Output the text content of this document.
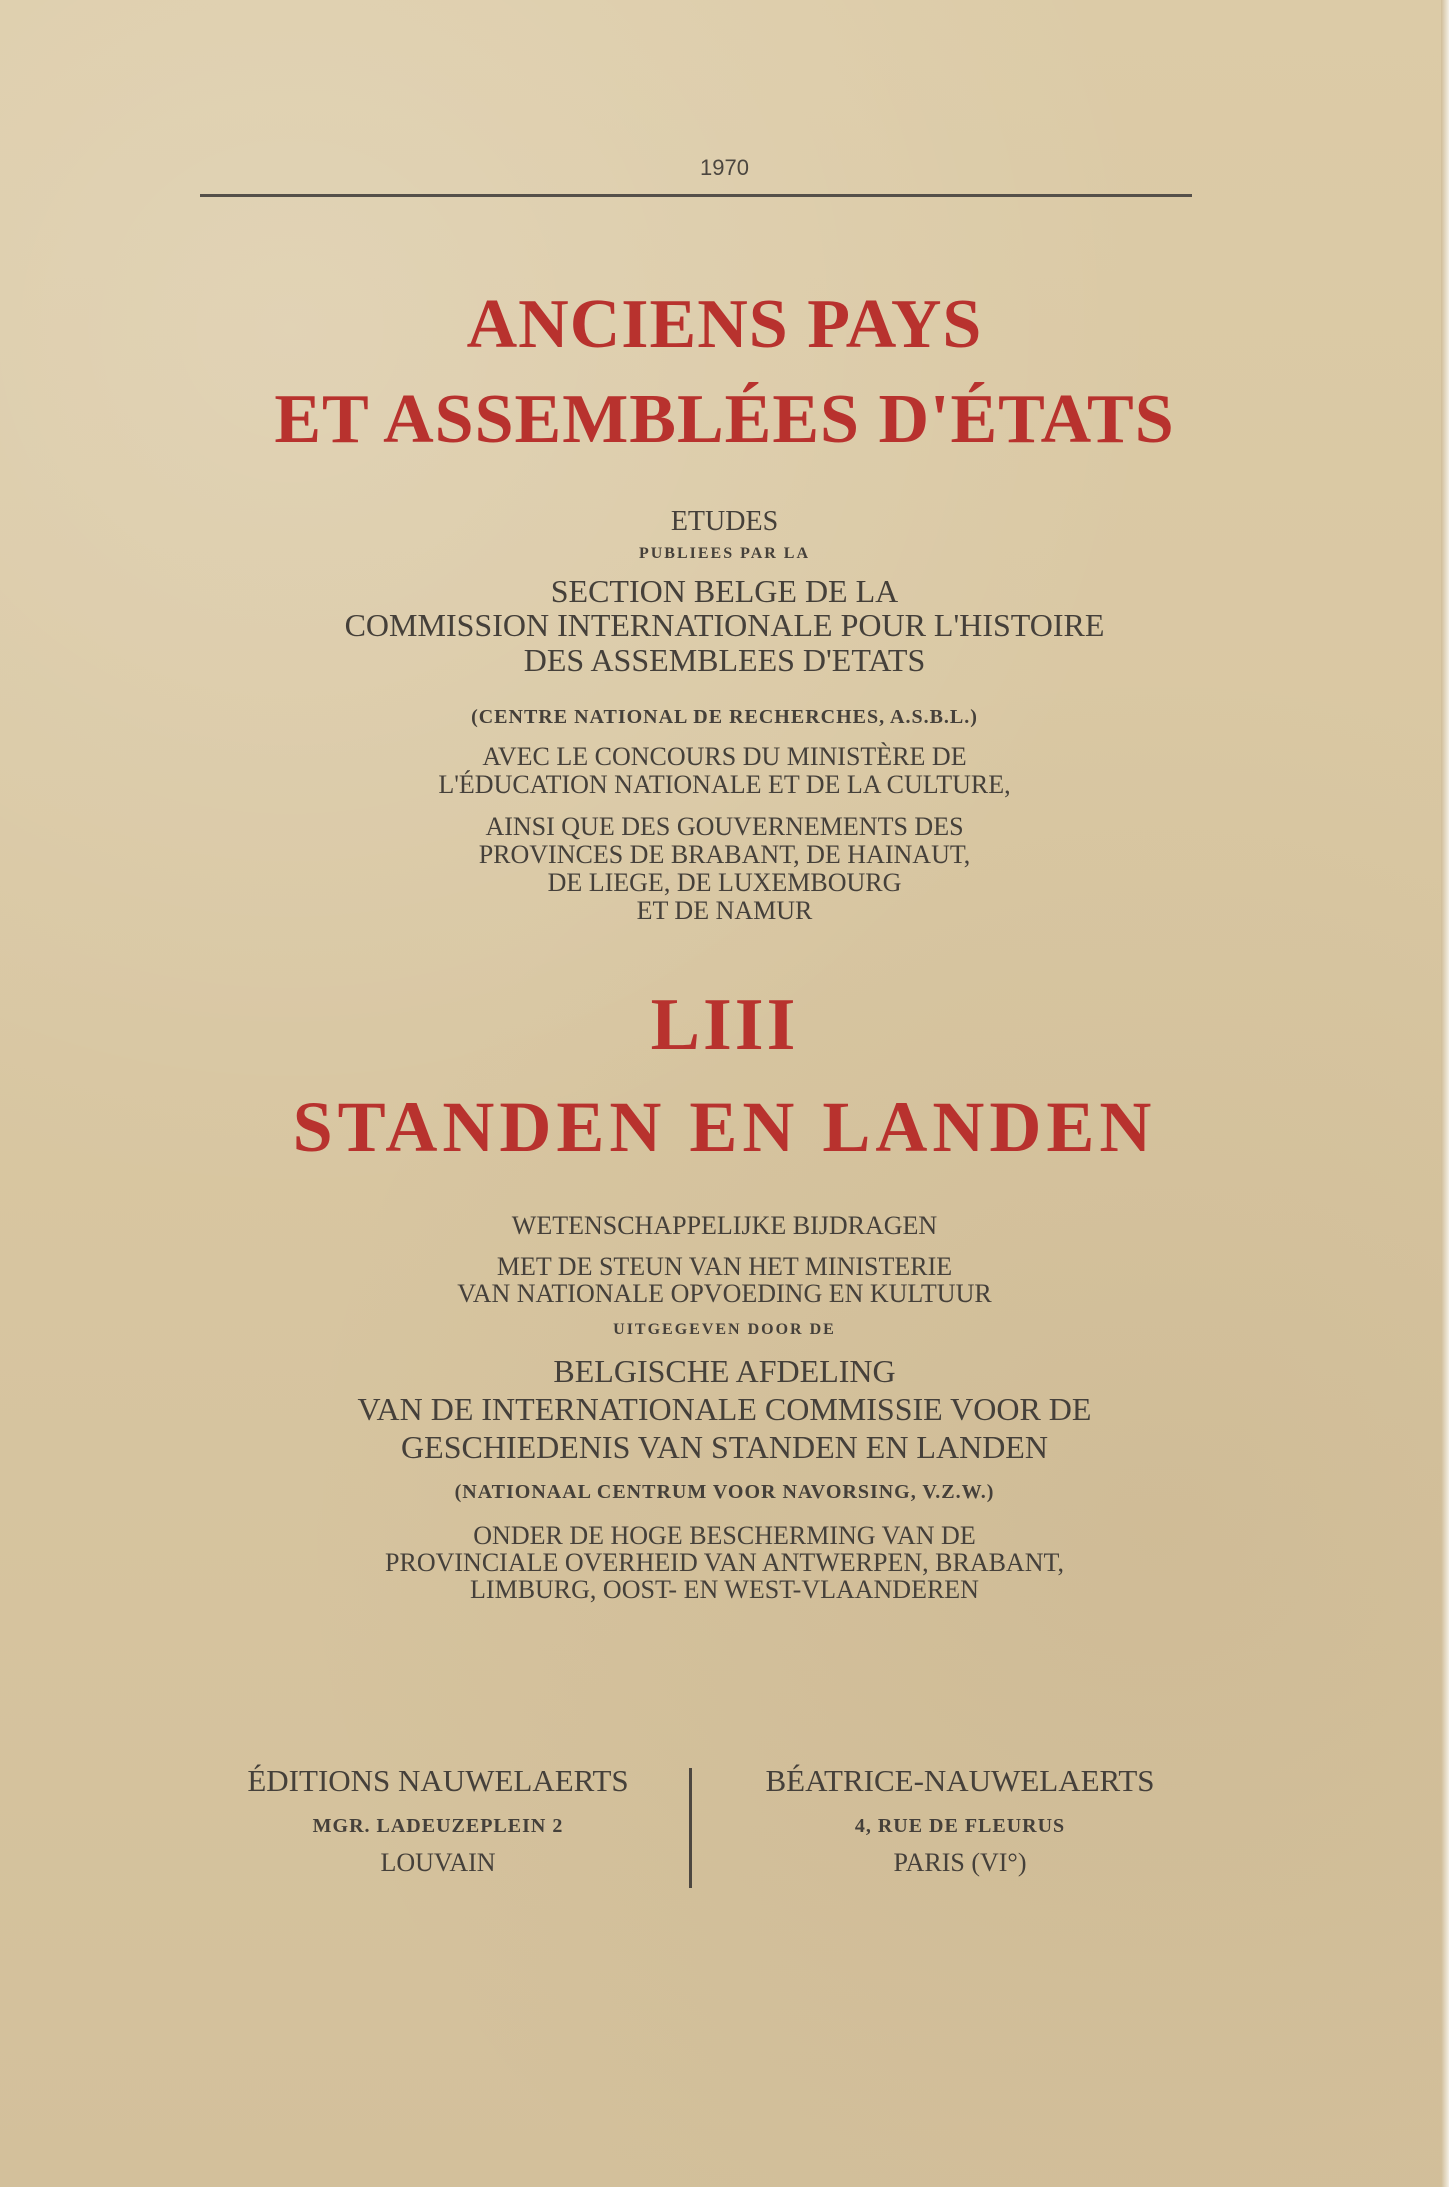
1970
ANCIENS PAYS
ET ASSEMBLÉES D'ÉTATS
ETUDES
PUBLIEES PAR LA
SECTION BELGE DE LA
COMMISSION INTERNATIONALE POUR L'HISTOIRE
DES ASSEMBLEES D'ETATS
(CENTRE NATIONAL DE RECHERCHES, A.S.B.L.)
AVEC LE CONCOURS DU MINISTÈRE DE
L'ÉDUCATION NATIONALE ET DE LA CULTURE,
AINSI QUE DES GOUVERNEMENTS DES
PROVINCES DE BRABANT, DE HAINAUT,
DE LIEGE, DE LUXEMBOURG
ET DE NAMUR
LIII
STANDEN EN LANDEN
WETENSCHAPPELIJKE BIJDRAGEN
MET DE STEUN VAN HET MINISTERIE
VAN NATIONALE OPVOEDING EN KULTUUR
UITGEGEVEN DOOR DE
BELGISCHE AFDELING
VAN DE INTERNATIONALE COMMISSIE VOOR DE
GESCHIEDENIS VAN STANDEN EN LANDEN
(NATIONAAL CENTRUM VOOR NAVORSING, V.Z.W.)
ONDER DE HOGE BESCHERMING VAN DE
PROVINCIALE OVERHEID VAN ANTWERPEN, BRABANT,
LIMBURG, OOST- EN WEST-VLAANDEREN
ÉDITIONS NAUWELAERTS
MGR. LADEUZEPLEIN 2
LOUVAIN
BÉATRICE-NAUWELAERTS
4, RUE DE FLEURUS
PARIS (VI°)
